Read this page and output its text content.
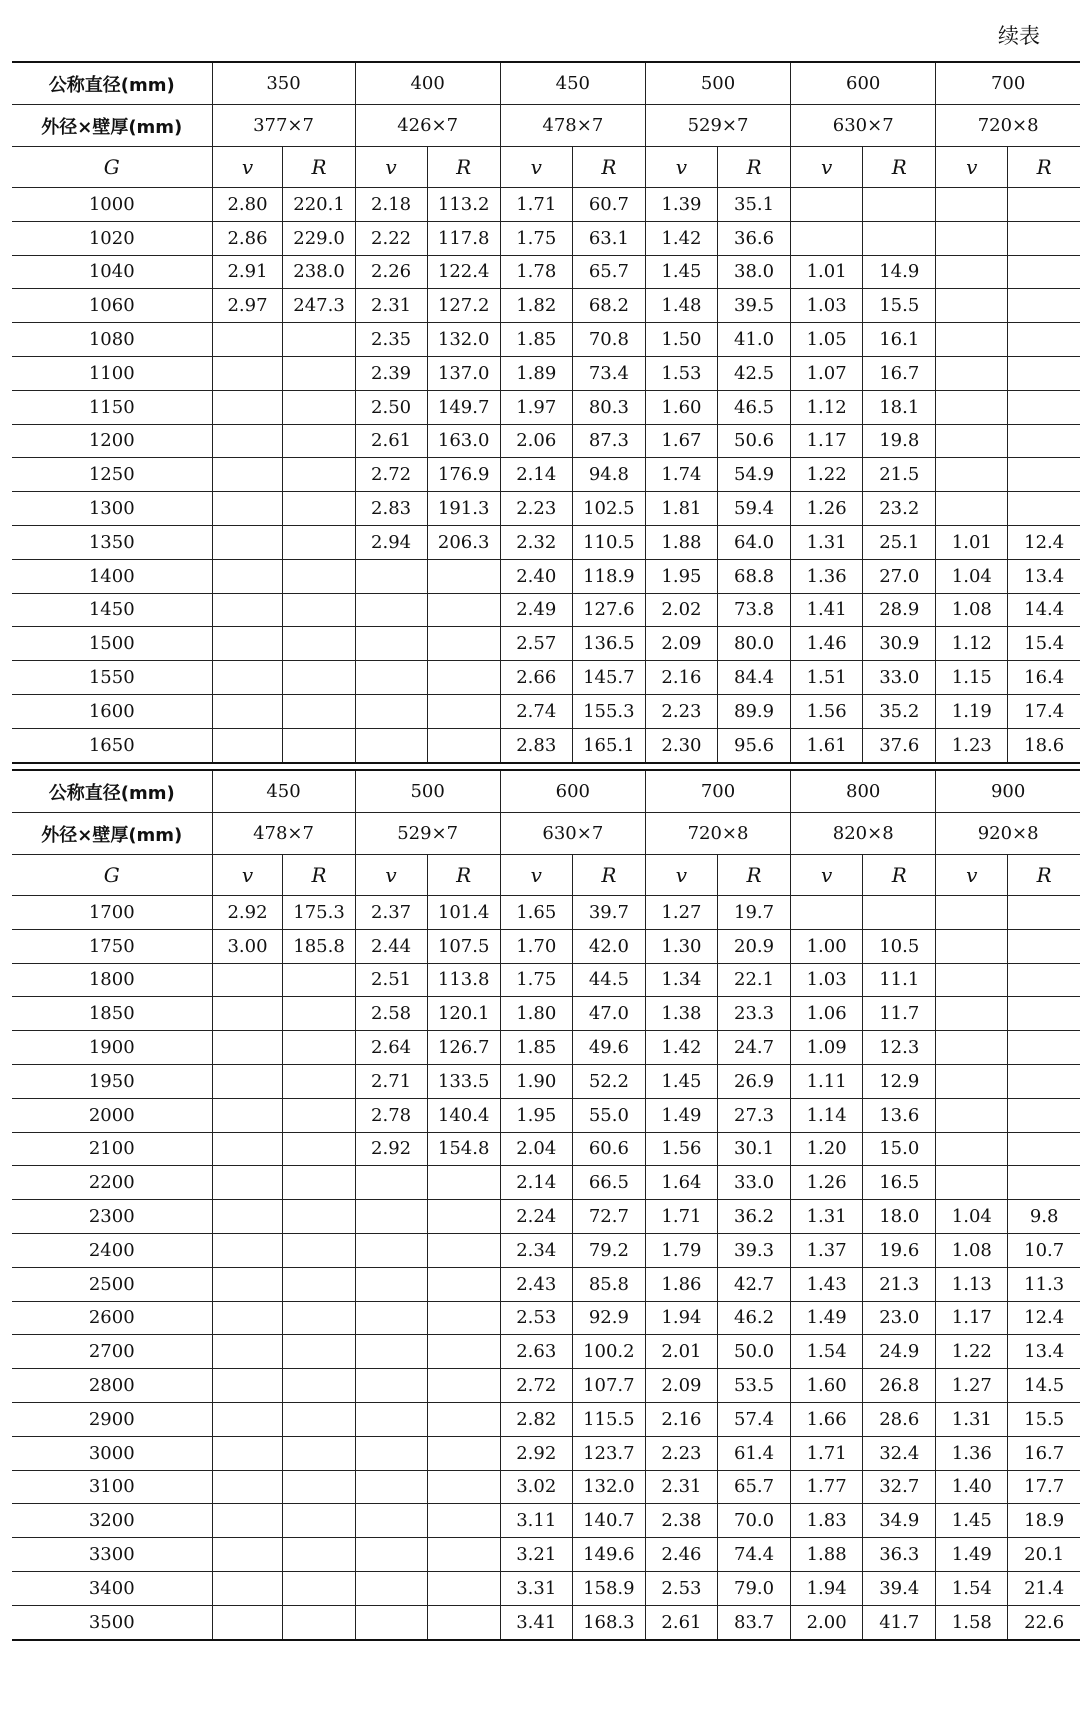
续表
公称直径(mm)	350		400		450		500		600		700	
外径×壁厚(mm)	377×7		426×7		478×7		529×7		630×7		720×8	
G	v	R	v	R	v	R	v	R	v	R	v	R
1000	2.80	220.1	2.18	113.2	1.71	60.7	1.39	35.1				
1020	2.86	229.0	2.22	117.8	1.75	63.1	1.42	36.6				
1040	2.91	238.0	2.26	122.4	1.78	65.7	1.45	38.0	1.01	14.9		
1060	2.97	247.3	2.31	127.2	1.82	68.2	1.48	39.5	1.03	15.5		
1080			2.35	132.0	1.85	70.8	1.50	41.0	1.05	16.1		
1100			2.39	137.0	1.89	73.4	1.53	42.5	1.07	16.7		
1150			2.50	149.7	1.97	80.3	1.60	46.5	1.12	18.1		
1200			2.61	163.0	2.06	87.3	1.67	50.6	1.17	19.8		
1250			2.72	176.9	2.14	94.8	1.74	54.9	1.22	21.5		
1300			2.83	191.3	2.23	102.5	1.81	59.4	1.26	23.2		
1350			2.94	206.3	2.32	110.5	1.88	64.0	1.31	25.1	1.01	12.4
1400					2.40	118.9	1.95	68.8	1.36	27.0	1.04	13.4
1450					2.49	127.6	2.02	73.8	1.41	28.9	1.08	14.4
1500					2.57	136.5	2.09	80.0	1.46	30.9	1.12	15.4
1550					2.66	145.7	2.16	84.4	1.51	33.0	1.15	16.4
1600					2.74	155.3	2.23	89.9	1.56	35.2	1.19	17.4
1650					2.83	165.1	2.30	95.6	1.61	37.6	1.23	18.6
公称直径(mm)	450		500		600		700		800		900	
外径×壁厚(mm)	478×7		529×7		630×7		720×8		820×8		920×8	
G	v	R	v	R	v	R	v	R	v	R	v	R
1700	2.92	175.3	2.37	101.4	1.65	39.7	1.27	19.7				
1750	3.00	185.8	2.44	107.5	1.70	42.0	1.30	20.9	1.00	10.5		
1800			2.51	113.8	1.75	44.5	1.34	22.1	1.03	11.1		
1850			2.58	120.1	1.80	47.0	1.38	23.3	1.06	11.7		
1900			2.64	126.7	1.85	49.6	1.42	24.7	1.09	12.3		
1950			2.71	133.5	1.90	52.2	1.45	26.9	1.11	12.9		
2000			2.78	140.4	1.95	55.0	1.49	27.3	1.14	13.6		
2100			2.92	154.8	2.04	60.6	1.56	30.1	1.20	15.0		
2200					2.14	66.5	1.64	33.0	1.26	16.5		
2300					2.24	72.7	1.71	36.2	1.31	18.0	1.04	9.8
2400					2.34	79.2	1.79	39.3	1.37	19.6	1.08	10.7
2500					2.43	85.8	1.86	42.7	1.43	21.3	1.13	11.3
2600					2.53	92.9	1.94	46.2	1.49	23.0	1.17	12.4
2700					2.63	100.2	2.01	50.0	1.54	24.9	1.22	13.4
2800					2.72	107.7	2.09	53.5	1.60	26.8	1.27	14.5
2900					2.82	115.5	2.16	57.4	1.66	28.6	1.31	15.5
3000					2.92	123.7	2.23	61.4	1.71	32.4	1.36	16.7
3100					3.02	132.0	2.31	65.7	1.77	32.7	1.40	17.7
3200					3.11	140.7	2.38	70.0	1.83	34.9	1.45	18.9
3300					3.21	149.6	2.46	74.4	1.88	36.3	1.49	20.1
3400					3.31	158.9	2.53	79.0	1.94	39.4	1.54	21.4
3500					3.41	168.3	2.61	83.7	2.00	41.7	1.58	22.6
